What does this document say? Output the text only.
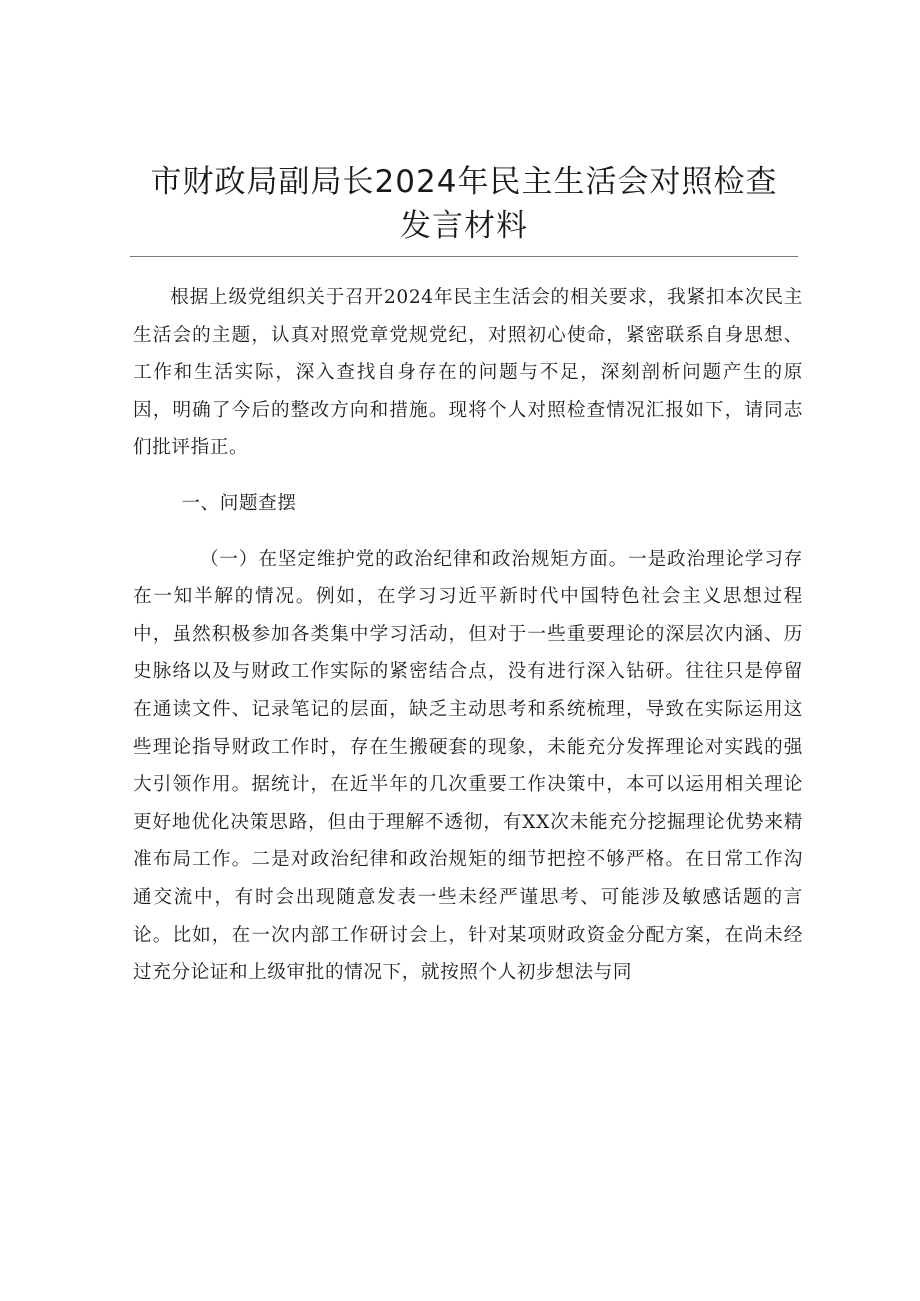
市财政局副局长2024年民主生活会对照检查
发言材料

根据上级党组织关于召开2024年民主生活会的相关要求，我紧扣本次民主生活会的主题，认真对照党章党规党纪，对照初心使命，紧密联系自身思想、工作和生活实际，深入查找自身存在的问题与不足，深刻剖析问题产生的原因，明确了今后的整改方向和措施。现将个人对照检查情况汇报如下，请同志们批评指正。

一、问题查摆

（一）在坚定维护党的政治纪律和政治规矩方面。一是政治理论学习存在一知半解的情况。例如，在学习习近平新时代中国特色社会主义思想过程中，虽然积极参加各类集中学习活动，但对于一些重要理论的深层次内涵、历史脉络以及与财政工作实际的紧密结合点，没有进行深入钻研。往往只是停留在通读文件、记录笔记的层面，缺乏主动思考和系统梳理，导致在实际运用这些理论指导财政工作时，存在生搬硬套的现象，未能充分发挥理论对实践的强大引领作用。据统计，在近半年的几次重要工作决策中，本可以运用相关理论更好地优化决策思路，但由于理解不透彻，有XX次未能充分挖掘理论优势来精准布局工作。二是对政治纪律和政治规矩的细节把控不够严格。在日常工作沟通交流中，有时会出现随意发表一些未经严谨思考、可能涉及敏感话题的言论。比如，在一次内部工作研讨会上，针对某项财政资金分配方案，在尚未经过充分论证和上级审批的情况下，就按照个人初步想法与同
